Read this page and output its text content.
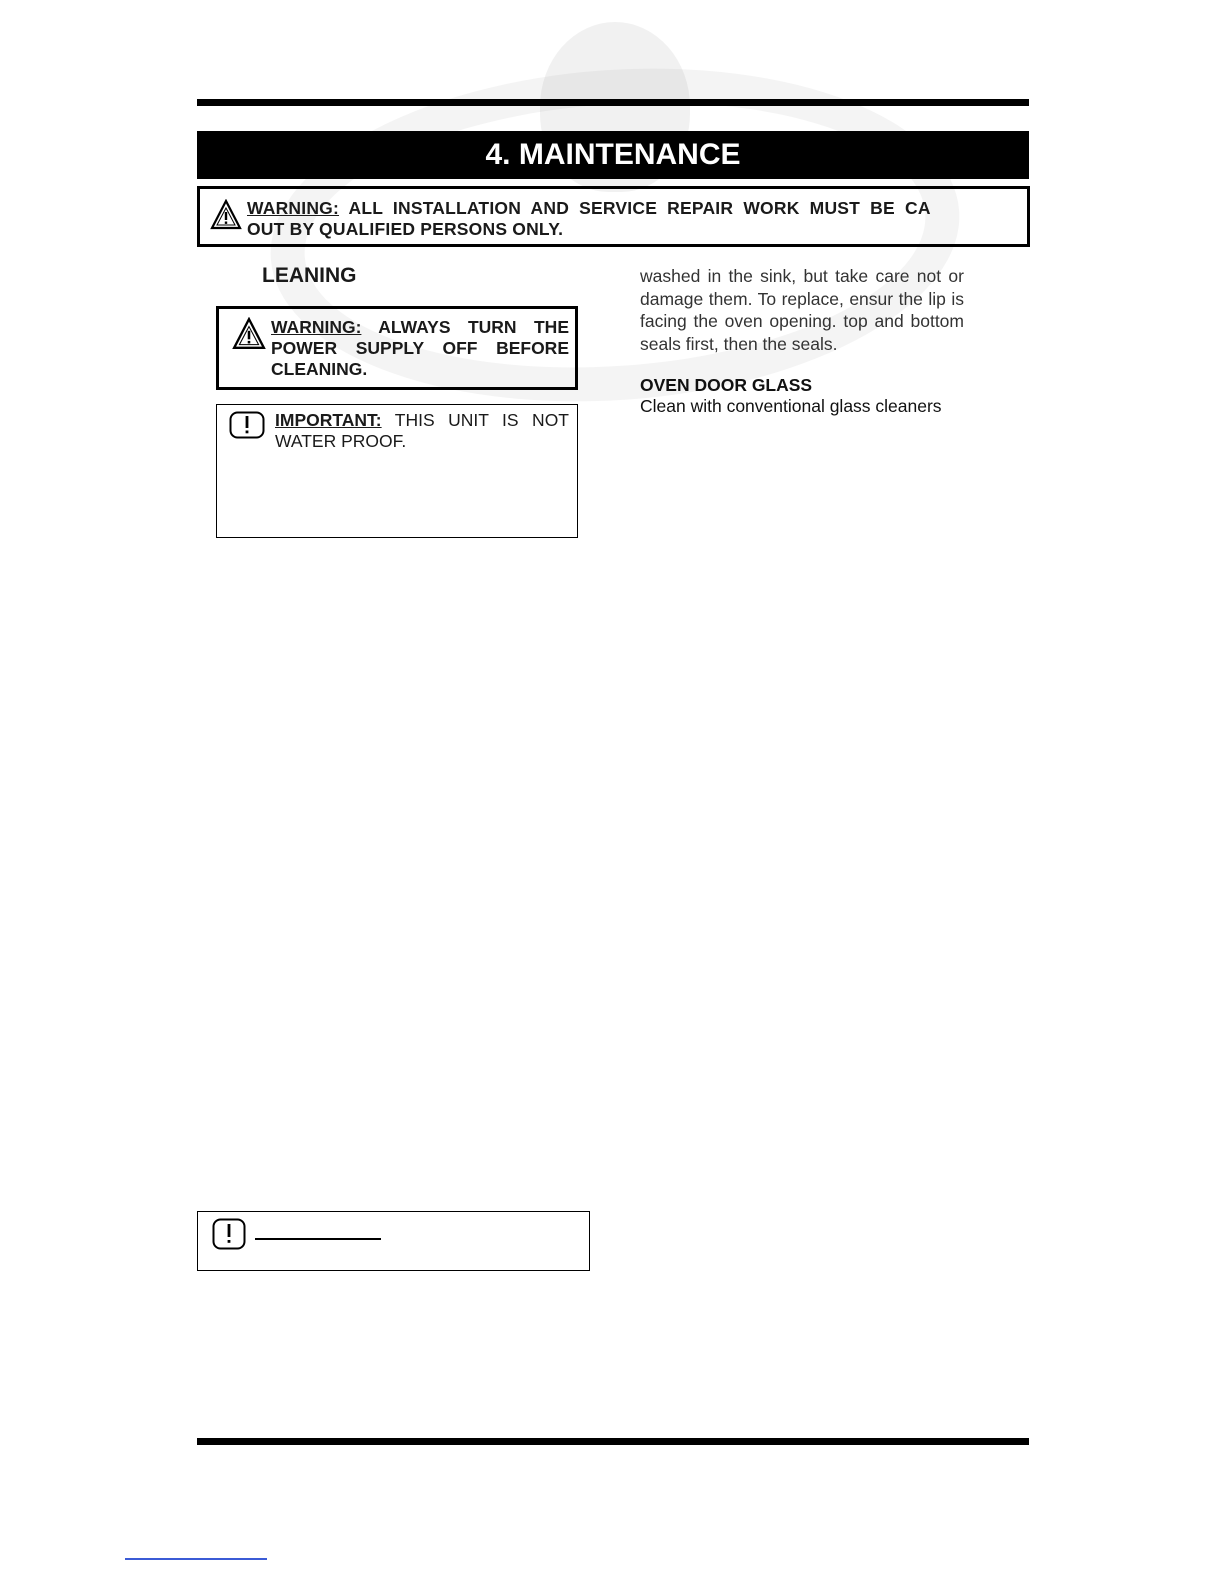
4. MAINTENANCE
WARNING:  ALL  INSTALLATION  AND  SERVICE  REPAIR  WORK  MUST  BE  CA
OUT BY QUALIFIED PERSONS ONLY.
LEANING
WARNING: ALWAYS TURN THE POWER SUPPLY OFF BEFORE CLEANING.
IMPORTANT: THIS UNIT IS NOT WATER PROOF.
washed in the sink, but take care not or damage them. To replace, ensur the lip is facing the oven opening. top and bottom seals first, then the seals.
OVEN DOOR GLASS
Clean with conventional glass cleaners
